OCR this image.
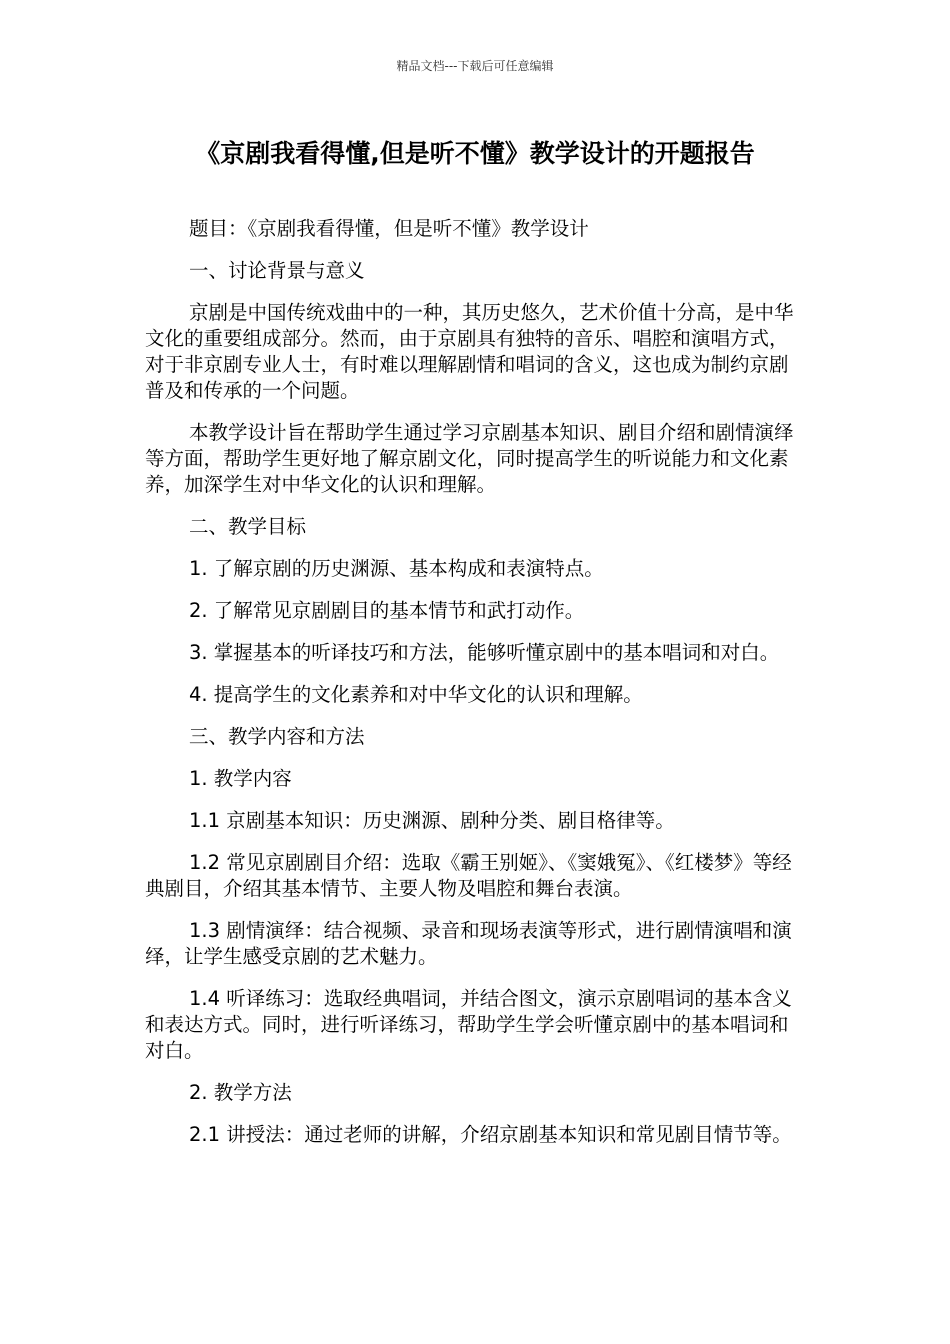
精品文档---下载后可任意编辑
《京剧我看得懂,但是听不懂》教学设计的开题报告

题目：《京剧我看得懂，但是听不懂》教学设计

一、讨论背景与意义

京剧是中国传统戏曲中的一种，其历史悠久，艺术价值十分高，是中华文化的重要组成部分。然而，由于京剧具有独特的音乐、唱腔和演唱方式，对于非京剧专业人士，有时难以理解剧情和唱词的含义，这也成为制约京剧普及和传承的一个问题。

本教学设计旨在帮助学生通过学习京剧基本知识、剧目介绍和剧情演绎等方面，帮助学生更好地了解京剧文化，同时提高学生的听说能力和文化素养，加深学生对中华文化的认识和理解。

二、教学目标

1. 了解京剧的历史渊源、基本构成和表演特点。

2. 了解常见京剧剧目的基本情节和武打动作。

3. 掌握基本的听译技巧和方法，能够听懂京剧中的基本唱词和对白。

4. 提高学生的文化素养和对中华文化的认识和理解。

三、教学内容和方法

1. 教学内容

1.1 京剧基本知识：历史渊源、剧种分类、剧目格律等。

1.2 常见京剧剧目介绍：选取《霸王别姬》、《窦娥冤》、《红楼梦》等经典剧目，介绍其基本情节、主要人物及唱腔和舞台表演。

1.3 剧情演绎：结合视频、录音和现场表演等形式，进行剧情演唱和演绎，让学生感受京剧的艺术魅力。

1.4 听译练习：选取经典唱词，并结合图文，演示京剧唱词的基本含义和表达方式。同时，进行听译练习，帮助学生学会听懂京剧中的基本唱词和对白。

2. 教学方法

2.1 讲授法：通过老师的讲解，介绍京剧基本知识和常见剧目情节等。
